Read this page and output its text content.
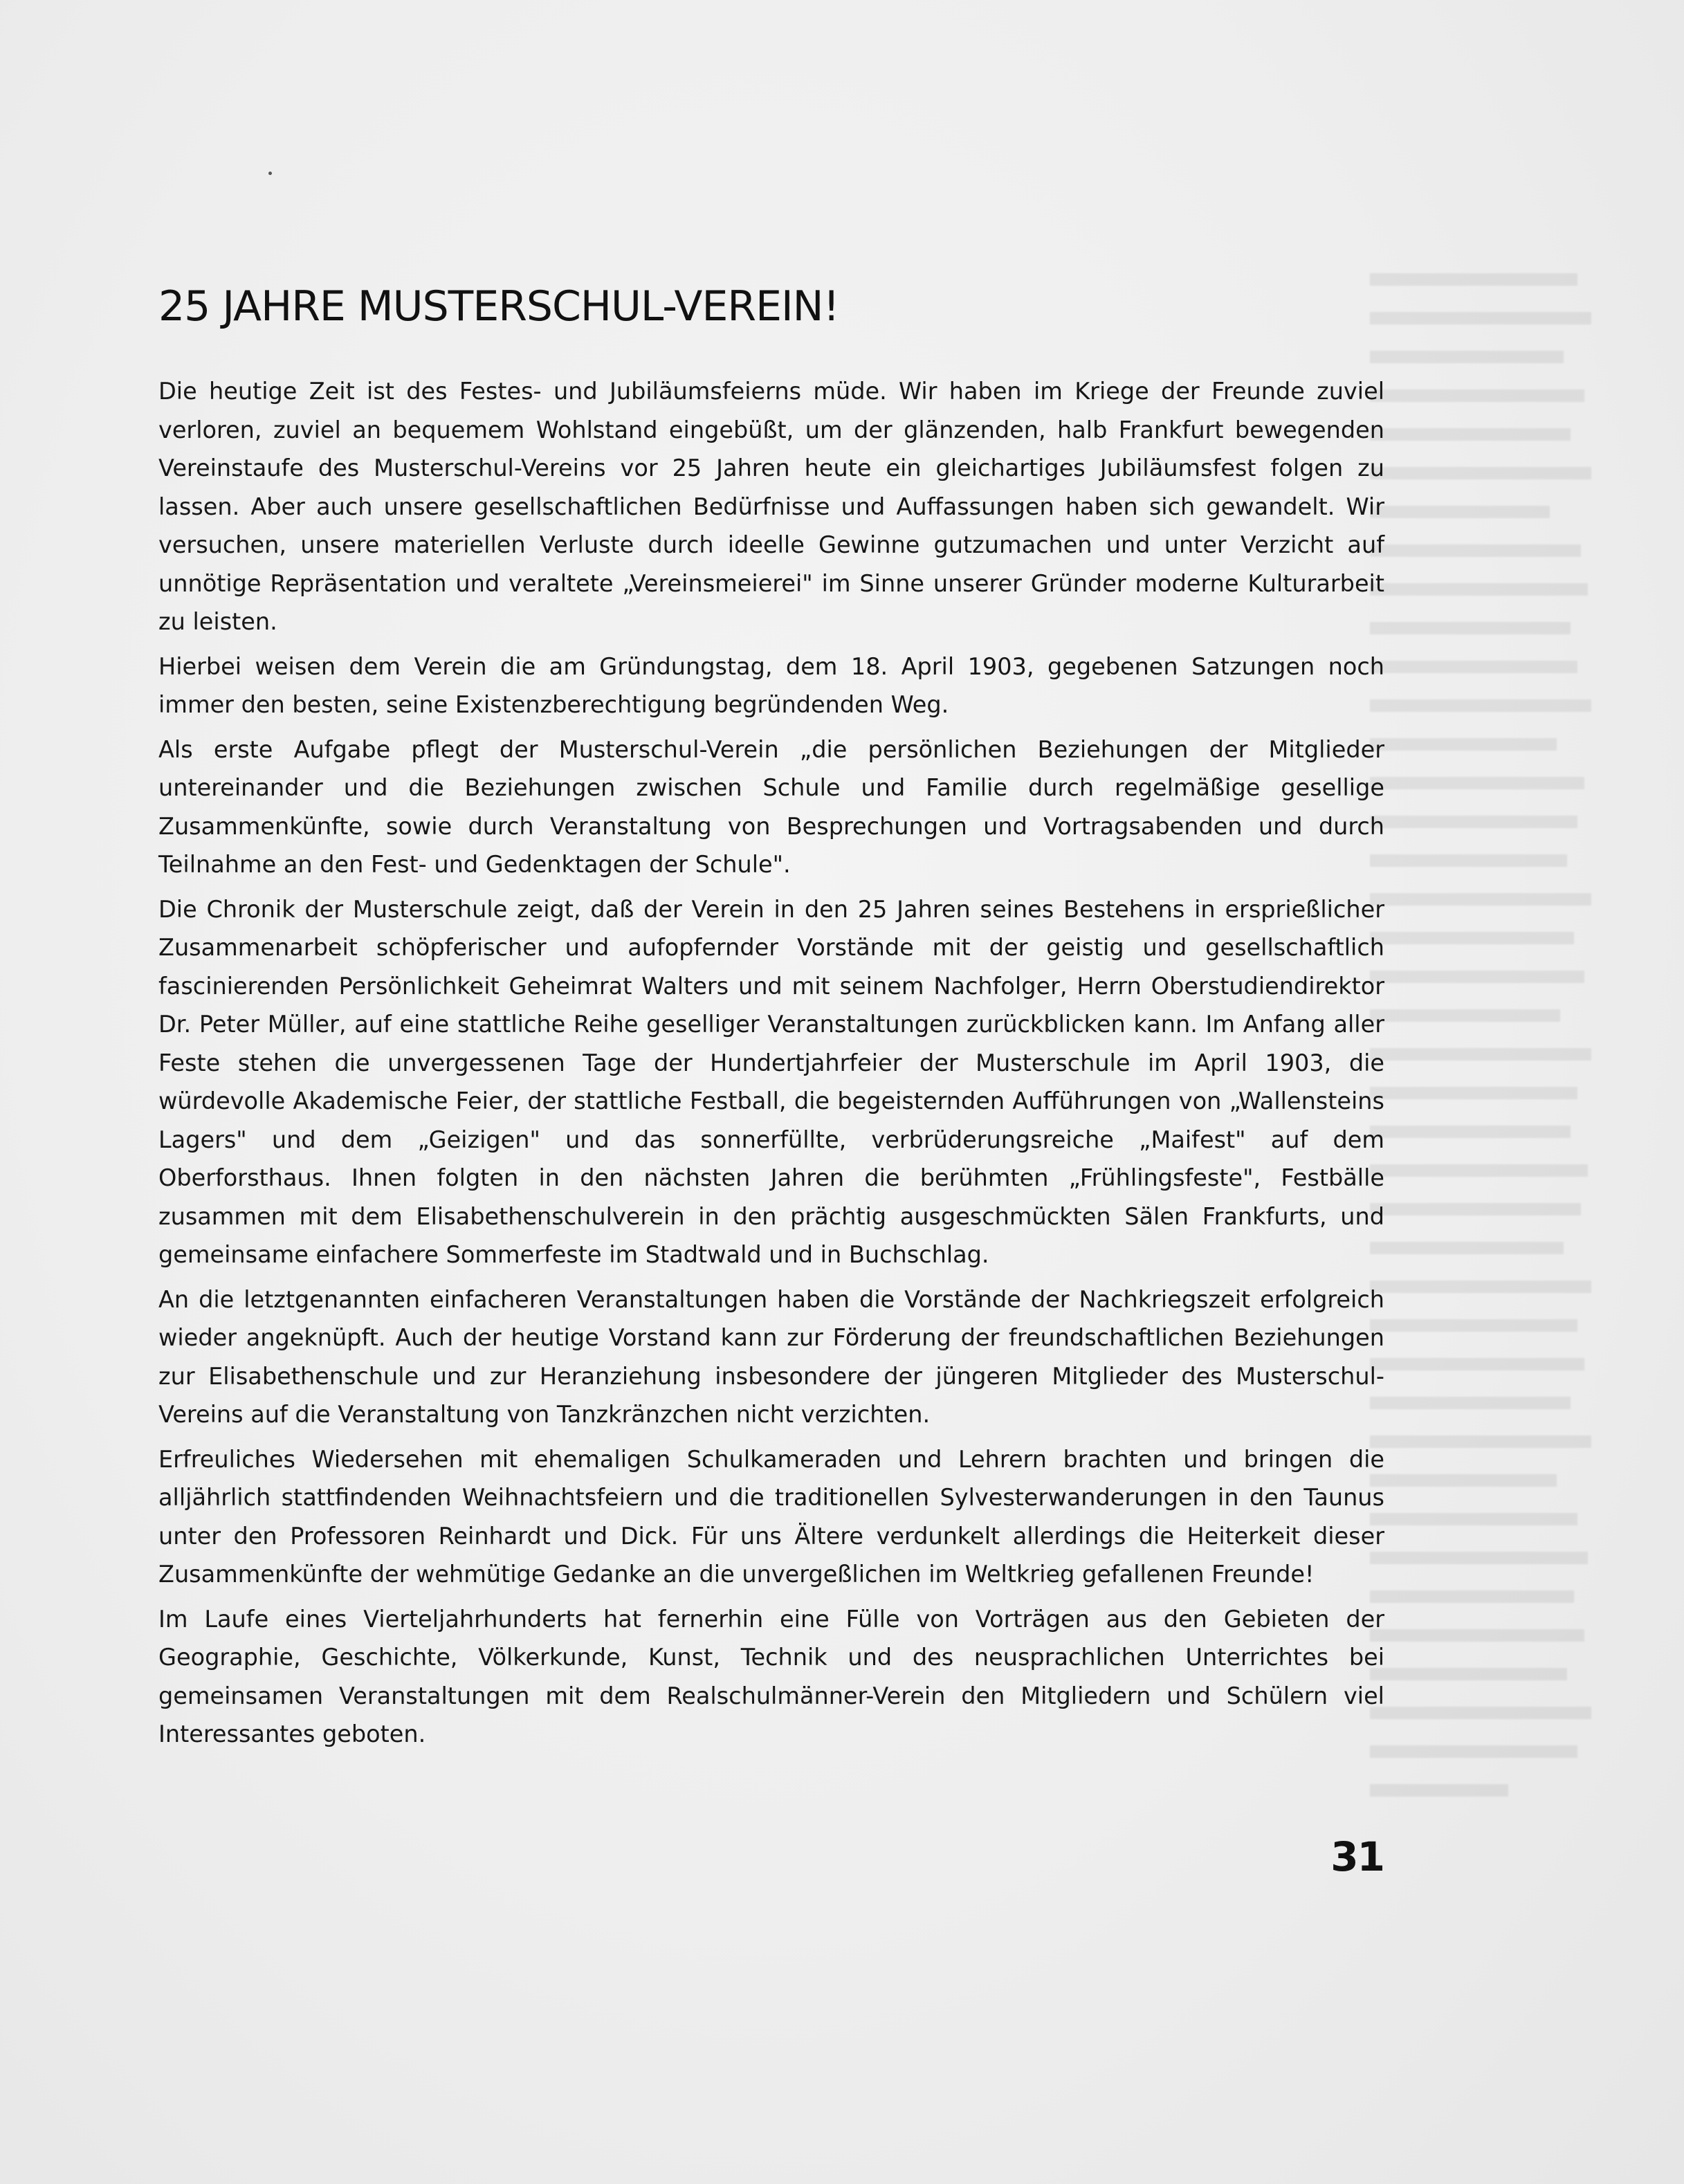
25 JAHRE MUSTERSCHUL-VEREIN!

Die heutige Zeit ist des Festes- und Jubiläumsfeierns müde. Wir haben im Kriege der Freunde zuviel verloren, zuviel an bequemem Wohlstand eingebüßt, um der glänzenden, halb Frankfurt bewegenden Vereinstaufe des Musterschul-Vereins vor 25 Jahren heute ein gleichartiges Jubiläumsfest folgen zu lassen. Aber auch unsere gesellschaftlichen Bedürfnisse und Auffassungen haben sich gewandelt. Wir versuchen, unsere materiellen Verluste durch ideelle Gewinne gutzumachen und unter Verzicht auf unnötige Repräsentation und veraltete „Vereinsmeierei" im Sinne unserer Gründer moderne Kulturarbeit zu leisten.

Hierbei weisen dem Verein die am Gründungstag, dem 18. April 1903, gegebenen Satzungen noch immer den besten, seine Existenzberechtigung begründenden Weg.

Als erste Aufgabe pflegt der Musterschul-Verein „die persönlichen Beziehungen der Mitglieder untereinander und die Beziehungen zwischen Schule und Familie durch regelmäßige gesellige Zusammenkünfte, sowie durch Veranstaltung von Besprechungen und Vortragsabenden und durch Teilnahme an den Fest- und Gedenktagen der Schule".

Die Chronik der Musterschule zeigt, daß der Verein in den 25 Jahren seines Bestehens in ersprießlicher Zusammenarbeit schöpferischer und aufopfernder Vorstände mit der geistig und gesellschaftlich fascinierenden Persönlichkeit Geheimrat Walters und mit seinem Nachfolger, Herrn Oberstudiendirektor Dr. Peter Müller, auf eine stattliche Reihe geselliger Veranstaltungen zurückblicken kann. Im Anfang aller Feste stehen die unvergessenen Tage der Hundertjahrfeier der Musterschule im April 1903, die würdevolle Akademische Feier, der stattliche Festball, die begeisternden Aufführungen von „Wallensteins Lagers" und dem „Geizigen" und das sonnerfüllte, verbrüderungsreiche „Maifest" auf dem Oberforsthaus. Ihnen folgten in den nächsten Jahren die berühmten „Frühlingsfeste", Festbälle zusammen mit dem Elisabethenschulverein in den prächtig ausgeschmückten Sälen Frankfurts, und gemeinsame einfachere Sommerfeste im Stadtwald und in Buchschlag.

An die letztgenannten einfacheren Veranstaltungen haben die Vorstände der Nachkriegszeit erfolgreich wieder angeknüpft. Auch der heutige Vorstand kann zur Förderung der freundschaftlichen Beziehungen zur Elisabethenschule und zur Heranziehung insbesondere der jüngeren Mitglieder des Musterschul-Vereins auf die Veranstaltung von Tanzkränzchen nicht verzichten.

Erfreuliches Wiedersehen mit ehemaligen Schulkameraden und Lehrern brachten und bringen die alljährlich stattfindenden Weihnachtsfeiern und die traditionellen Sylvesterwanderungen in den Taunus unter den Professoren Reinhardt und Dick. Für uns Ältere verdunkelt allerdings die Heiterkeit dieser Zusammenkünfte der wehmütige Gedanke an die unvergeßlichen im Weltkrieg gefallenen Freunde!

Im Laufe eines Vierteljahrhunderts hat fernerhin eine Fülle von Vorträgen aus den Gebieten der Geographie, Geschichte, Völkerkunde, Kunst, Technik und des neusprachlichen Unterrichtes bei gemeinsamen Veranstaltungen mit dem Realschulmänner-Verein den Mitgliedern und Schülern viel Interessantes geboten.

31
